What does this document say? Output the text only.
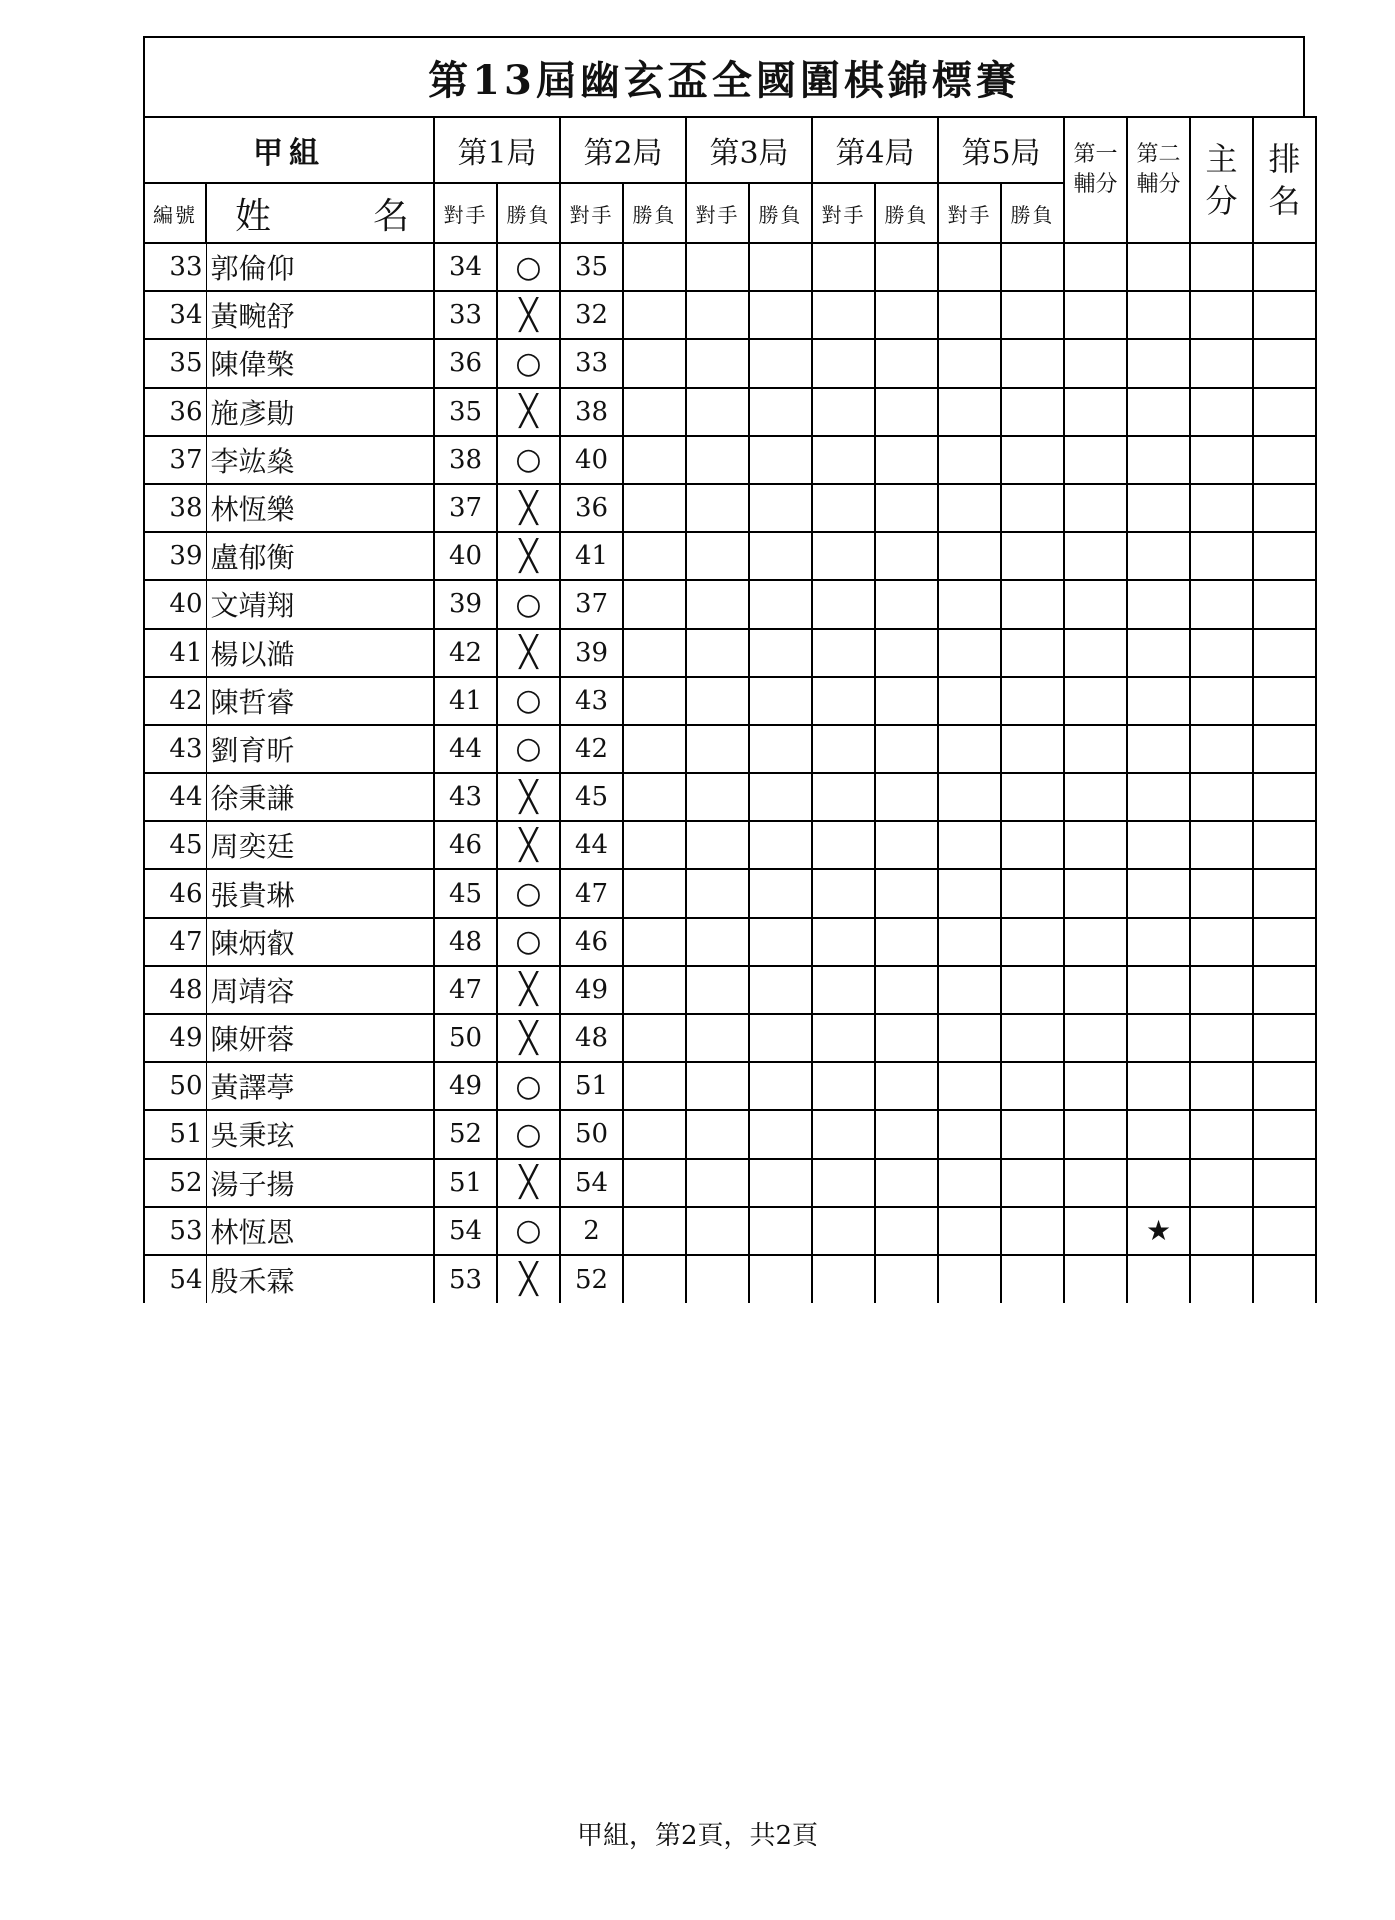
第13屆幽玄盃全國圍棋錦標賽
甲組		第1局		第2局		第3局		第4局		第5局		第一 輔分	第二 輔分	主 分	排 名
編號	姓 名	對手	勝負	對手	勝負	對手	勝負	對手	勝負	對手	勝負				
33	郭倫仰	34	○	35											
34	黃畹舒	33	╳	32											
35	陳偉檠	36	○	33											
36	施彥勛	35	╳	38											
37	李竑燊	38	○	40											
38	林恆樂	37	╳	36											
39	盧郁衡	40	╳	41											
40	文靖翔	39	○	37											
41	楊以澔	42	╳	39											
42	陳哲睿	41	○	43											
43	劉育昕	44	○	42											
44	徐秉謙	43	╳	45											
45	周奕廷	46	╳	44											
46	張貴琳	45	○	47											
47	陳炳叡	48	○	46											
48	周靖容	47	╳	49											
49	陳妍蓉	50	╳	48											
50	黃譯葶	49	○	51											
51	吳秉玹	52	○	50											
52	湯子揚	51	╳	54											
53	林恆恩	54	○	2									★		
54	殷禾霖	53	╳	52											
甲組，第2頁，共2頁
